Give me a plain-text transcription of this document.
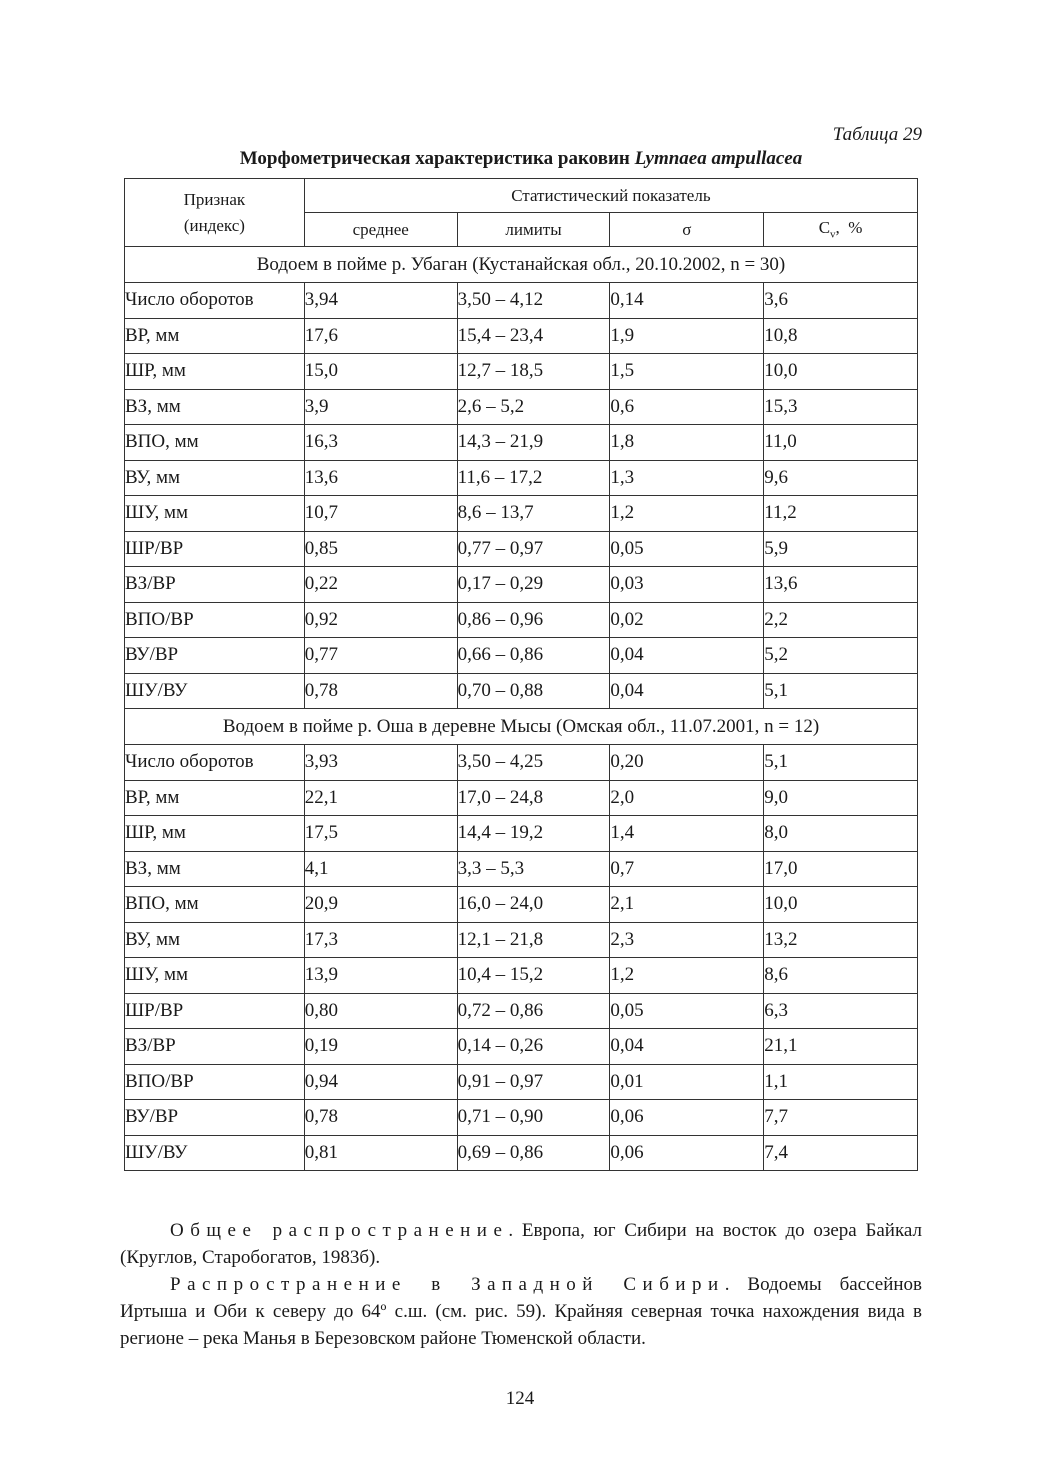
Таблица 29
Морфометрическая характеристика раковин Lymnaea ampullacea
Признак
(индекс)	Статистический показатель			
	среднее	лимиты	σ	$C_v$,  %
Водоем в пойме р. Убаган (Кустанайская обл., 20.10.2002, n = 30)				
Число оборотов	3,94	3,50 – 4,12	0,14	3,6
ВР, мм	17,6	15,4 – 23,4	1,9	10,8
ШР, мм	15,0	12,7 – 18,5	1,5	10,0
ВЗ, мм	3,9	2,6 – 5,2	0,6	15,3
ВПО, мм	16,3	14,3 – 21,9	1,8	11,0
ВУ, мм	13,6	11,6 – 17,2	1,3	9,6
ШУ, мм	10,7	8,6 – 13,7	1,2	11,2
ШР/ВР	0,85	0,77 – 0,97	0,05	5,9
ВЗ/ВР	0,22	0,17 – 0,29	0,03	13,6
ВПО/ВР	0,92	0,86 – 0,96	0,02	2,2
ВУ/ВР	0,77	0,66 – 0,86	0,04	5,2
ШУ/ВУ	0,78	0,70 – 0,88	0,04	5,1
Водоем в пойме р. Оша в деревне Мысы (Омская обл., 11.07.2001, n = 12)				
Число оборотов	3,93	3,50 – 4,25	0,20	5,1
ВР, мм	22,1	17,0 – 24,8	2,0	9,0
ШР, мм	17,5	14,4 – 19,2	1,4	8,0
ВЗ, мм	4,1	3,3 – 5,3	0,7	17,0
ВПО, мм	20,9	16,0 – 24,0	2,1	10,0
ВУ, мм	17,3	12,1 – 21,8	2,3	13,2
ШУ, мм	13,9	10,4 – 15,2	1,2	8,6
ШР/ВР	0,80	0,72 – 0,86	0,05	6,3
ВЗ/ВР	0,19	0,14 – 0,26	0,04	21,1
ВПО/ВР	0,94	0,91 – 0,97	0,01	1,1
ВУ/ВР	0,78	0,71 – 0,90	0,06	7,7
ШУ/ВУ	0,81	0,69 – 0,86	0,06	7,4
Общее распространение. Европа, юг Сибири на восток до озера Байкал (Круглов, Старобогатов, 1983б).
Распространение в Западной Сибири. Водоемы бассейнов Иртыша и Оби к северу до 64º с.ш. (см. рис. 59). Крайняя северная точка нахождения вида в регионе – река Манья в Березовском районе Тюменской области.
124
